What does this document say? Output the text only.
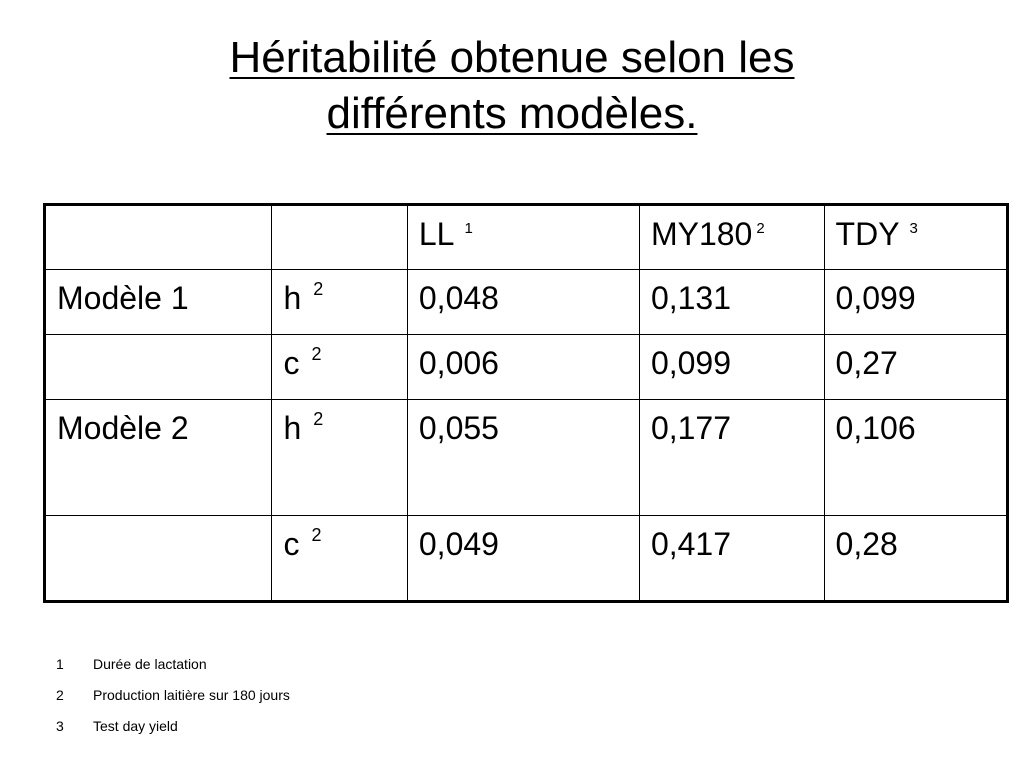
Héritabilité obtenue selon les
différents modèles.
		LL $^1$	MY180 $^2$	TDY $^3$
Modèle 1	h $^2$	0,048	0,131	0,099
	c $^2$	0,006	0,099	0,27
Modèle 2	h $^2$	0,055	0,177	0,106
	c $^2$	0,049	0,417	0,28
1	Durée de lactation
2	Production laitière sur 180 jours
3	Test day yield
